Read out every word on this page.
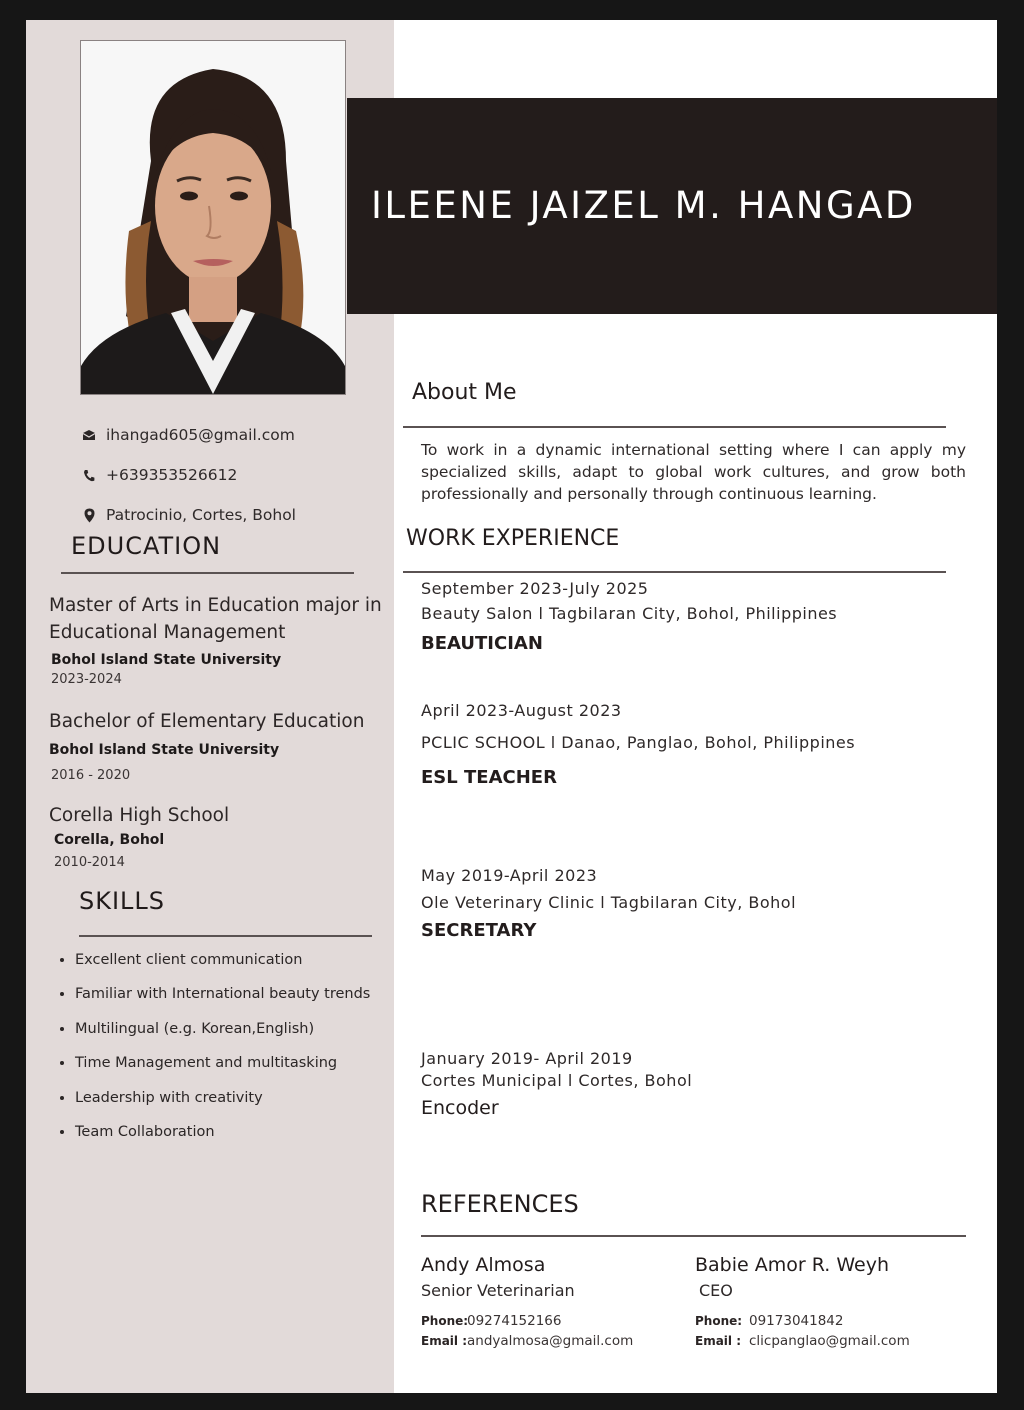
ILEENE JAIZEL M. HANGAD
ihangad605@gmail.com
+639353526612
Patrocinio, Cortes, Bohol
EDUCATION
Master of Arts in Education major in Educational Management
Bohol Island State University
2023-2024
Bachelor of Elementary Education
Bohol Island State University
2016 - 2020
Corella High School
Corella, Bohol
2010-2014
SKILLS
• Excellent client communication
• Familiar with International beauty trends
• Multilingual (e.g. Korean,English)
• Time Management and multitasking
• Leadership with creativity
• Team Collaboration
About Me
To work in a dynamic international setting where I can apply my specialized skills, adapt to global work cultures, and grow both professionally and personally through continuous learning.
WORK EXPERIENCE
September 2023-July 2025
Beauty Salon l Tagbilaran City, Bohol, Philippines
BEAUTICIAN
April 2023-August 2023
PCLIC SCHOOL l Danao, Panglao, Bohol, Philippines
ESL TEACHER
May 2019-April 2023
Ole Veterinary Clinic l Tagbilaran City, Bohol
SECRETARY
January 2019- April 2019
Cortes Municipal l Cortes, Bohol
Encoder
REFERENCES
Andy Almosa
Senior Veterinarian
Phone:
09274152166
Email : andyalmosa@gmail.com
Babie Amor R. Weyh
CEO
Phone: 09173041842
Email : clicpanglao@gmail.com
